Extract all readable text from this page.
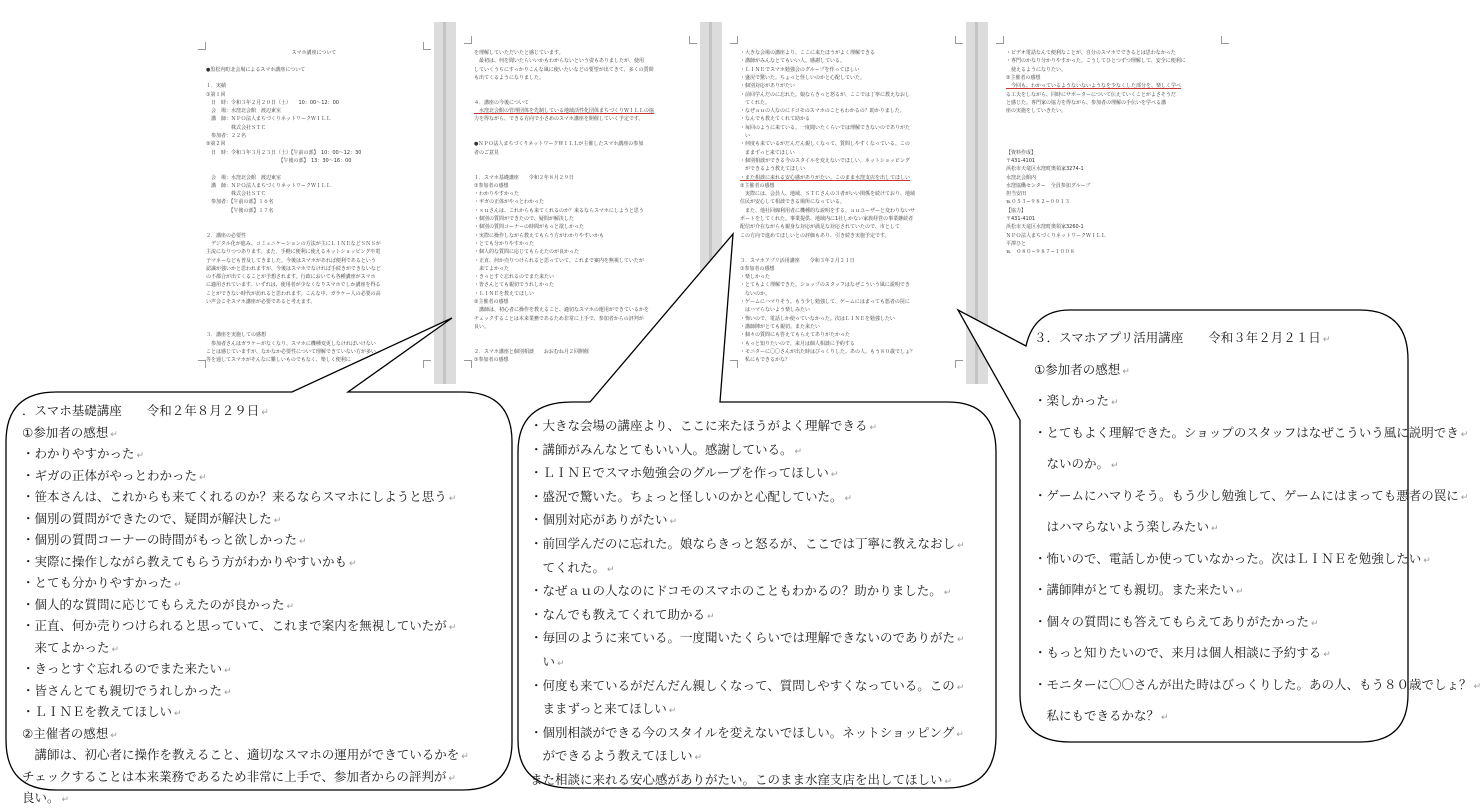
スマホ講座について
●黒松内町北会場によるスマホ講座について
１．実績
①第１回
　日　時：令和３年２月２０日（土）　　10：00〜12：00
　会　場：水窪北会館　渡辺東室
　講　師：ＮＰＯ法人まちづくりネットワークＷＩＬＬ
　　　　　株式会社ＳＴＣ
　参加者：２２名
②第２回
　日　時：令和３年３月２３日（土）【午前の部】　10：00〜12：30
　　　　　　　　　　　　　　　【午後の部】　13：30〜16：00
　会　場：水窪北会館　渡辺東室
　講　師：ＮＰＯ法人まちづくりネットワークＷＩＬＬ
　　　　　株式会社ＳＴＣ
　参加者：【午前の部】１６名
　　　　　【午後の部】１７名
２．講座の必要性
　デジタル化が進み、コミュニケーションの方法が主にＬＩＮＥなどＳＮＳが
主流になりつつあります。また、手軽に便利に使えるネットショッピングや電
子マネーなども普及してきました。今後はスマホがあれば便利であるという
認識が強いかと思われますが、今後はスマホでなければ手続きができないなど
の不都合が出てくることが予想されます。行政においても各種講座がスマホ
に適用されています。いずれは、使用者が少なくなりスマホでしか講座を得る
ことができない時代が訪れると思われます。こんな中、ガラケー人の必要の高
い声会こそスマホ講座が必要であると考えます。
３．講座を実施しての感想
　参加者さんはガラケーがなくなり、スマホに機種変更しなければいけない
ことは感じていますが、なかなか必要性について理解できていない方が多い
等を通してスマホがそんなに難しいものでもなく、楽しく便利に
を理解していただいたと感じています。
　最初は、何を聞いたらいいかもわからないという姿もありましたが、使用
していくうちにすっかりこんな風に使いたいなどの要望が出てきて、多くの質問
も出てくるようになりました。
４．講座の今後について
　水窪北会館の管理団体を先制している地域活性化団体まちづくりＷＩＬＬの協
力を得ながら、できる方向で小さめのスマホ講座を開催していく予定です。
●ＮＰＯ法人まちづくりネットワークＷＩＬＬが主催したスマホ講座の参加
者のご意見
１．スマホ基礎講座　　令和２年８月２９日
①参加者の感想
・わかりやすかった
・ギガの正体がやっとわかった
・ｓｕさんは、これからも来てくれるのか？来るならスマホにしようと思う
・個別の質問ができたので、疑問が解決した
・個別の質問コーナーの時間がもっと欲しかった
・実際に操作しながら教えてもらう方がわかりやすいかも
・とても分かりやすかった
・個人的な質問に応じてもらえたのが良かった
・正直、何か売りつけられると思っていて、これまで案内を無視していたが
　来てよかった
・きっとすぐ忘れるのでまた来たい
・皆さんとても親切でうれしかった
・ＬＩＮＥを教えてほしい
②主催者の感想
　講師は、初心者に操作を教えること、適切なスマホの運用ができているかを
チェックすることは本来業務であるため非常に上手で、参加者からの評判が
良い。
２．スマホ講座と個別相談　　おおむね月２回開催
①参加者の感想
・大きな会場の講座より、ここに来たほうがよく理解できる
・講師がみんなとてもいい人。感謝している。
・ＬＩＮＥでスマホ勉強会のグループを作ってほしい
・盛況で驚いた。ちょっと怪しいのかと心配していた。
・個別対応がありがたい
・前回学んだのに忘れた。娘ならきっと怒るが、ここでは丁寧に教えなおし
　てくれた。
・なぜａｕの人なのにドコモのスマホのこともわかるの？助かりました。
・なんでも教えてくれて助かる
・毎回のように来ている。一度聞いたくらいでは理解できないのでありがた
　い
・何度も来ているがだんだん親しくなって、質問しやすくなっている。この
　ままずっと来てほしい
・個別相談ができる今のスタイルを変えないでほしい。ネットショッピング
　ができるよう教えてほしい
・また相談に来れる安心感がありがたい。このまま水窪支店を出してほしい
②主催者の感想
　実際には、会員人、地域、ＳＴＣさんの３者がいい関係を続けており、地域
住民が安心して相談できる場所になっている。
　また、他社回線利用者に機種的な説明をする、ａｕユーザーと変わりないサ
ポートをしてくれた。事業提供、地域内に1社しかない家族経営の事業継続者
配信が介在ながらも親身な対応が満足な対応されていたので、市として
この方向で進めてほしいとの評価もあり、引き続き実施予定です。
３．スマホアプリ活用講座　　令和３年２月２１日
①参加者の感想
・楽しかった
・とてもよく理解できた。ショップのスタッフはなぜこういう風に説明でき
　ないのか。
・ゲームにハマりそう。もう少し勉強して、ゲームにはまっても悪者の罠に
　はハマらないよう楽しみたい
・怖いので、電話しか使っていなかった。次はＬＩＮＥを勉強したい
・講師陣がとても親切。また来たい
・個々の質問にも答えてもらえてありがたかった
・もっと知りたいので、来月は個人相談に予約する
・モニターに〇〇さんが出た時はびっくりした。あの人、もう８０歳でしょ？
　私にもできるかな？
・ビデオ電話なんて便利なことが、自分のスマホでできるとは思わなかった
・専門のかなり分かりやすかった。こうしてひとつずつ理解して、安全に便利に
　使えるようになりたい。
②主催者の感想
　今回も、わかっているようないないようなを少なくした部分を、楽しく学べ
る工夫をしながら、同時にサポーターについて伝えていくことがよさそうだ
と感じた。専門家の協力を得ながら、参加者の理解の手伝いを学べる講
座の実施をしていきたい。
【資料作成】
〒431-4101
浜松市天竜区水窪町奥領家3274-1
水窪北会館内
水窪協働センター　全員参加グループ
担当安田
℡０５３−９８２−００１３
【協力】
〒431-4101
浜松市天竜区水窪町奥領家3260-1
ＮＰＯ法人まちづくりネットワークＷＩＬＬ
平澤ひと
℡　０８０−９８７−１００８
．スマホ基礎講座　　令和２年８月２９日 ↵
①参加者の感想 ↵
・わかりやすかった ↵
・ギガの正体がやっとわかった ↵
・笹本さんは、これからも来てくれるのか？来るならスマホにしようと思う ↵
・個別の質問ができたので、疑問が解決した ↵
・個別の質問コーナーの時間がもっと欲しかった ↵
・実際に操作しながら教えてもらう方がわかりやすいかも ↵
・とても分かりやすかった ↵
・個人的な質問に応じてもらえたのが良かった ↵
・正直、何か売りつけられると思っていて、これまで案内を無視していたが ↵
　来てよかった ↵
・きっとすぐ忘れるのでまた来たい ↵
・皆さんとても親切でうれしかった ↵
・ＬＩＮＥを教えてほしい ↵
②主催者の感想 ↵
　講師は、初心者に操作を教えること、適切なスマホの運用ができているかを ↵
チェックすることは本来業務であるため非常に上手で、参加者からの評判が ↵
良い。 ↵
・大きな会場の講座より、ここに来たほうがよく理解できる ↵
・講師がみんなとてもいい人。感謝している。 ↵
・ＬＩＮＥでスマホ勉強会のグループを作ってほしい ↵
・盛況で驚いた。ちょっと怪しいのかと心配していた。 ↵
・個別対応がありがたい ↵
・前回学んだのに忘れた。娘ならきっと怒るが、ここでは丁寧に教えなおし ↵
　てくれた。 ↵
・なぜａｕの人なのにドコモのスマホのこともわかるの？助かりました。 ↵
・なんでも教えてくれて助かる ↵
・毎回のように来ている。一度聞いたくらいでは理解できないのでありがた ↵
　い ↵
・何度も来ているがだんだん親しくなって、質問しやすくなっている。この ↵
　ままずっと来てほしい ↵
・個別相談ができる今のスタイルを変えないでほしい。ネットショッピング ↵
　ができるよう教えてほしい ↵
また相談に来れる安心感がありがたい。このまま水窪支店を出してほしい ↵
３．スマホアプリ活用講座　　令和３年２月２１日 ↵
①参加者の感想 ↵
・楽しかった ↵
・とてもよく理解できた。ショップのスタッフはなぜこういう風に説明でき ↵
　ないのか。 ↵
・ゲームにハマりそう。もう少し勉強して、ゲームにはまっても悪者の罠に ↵
　はハマらないよう楽しみたい ↵
・怖いので、電話しか使っていなかった。次はＬＩＮＥを勉強したい ↵
・講師陣がとても親切。また来たい ↵
・個々の質問にも答えてもらえてありがたかった ↵
・もっと知りたいので、来月は個人相談に予約する ↵
・モニターに〇〇さんが出た時はびっくりした。あの人、もう８０歳でしょ？ ↵
　私にもできるかな？ ↵
